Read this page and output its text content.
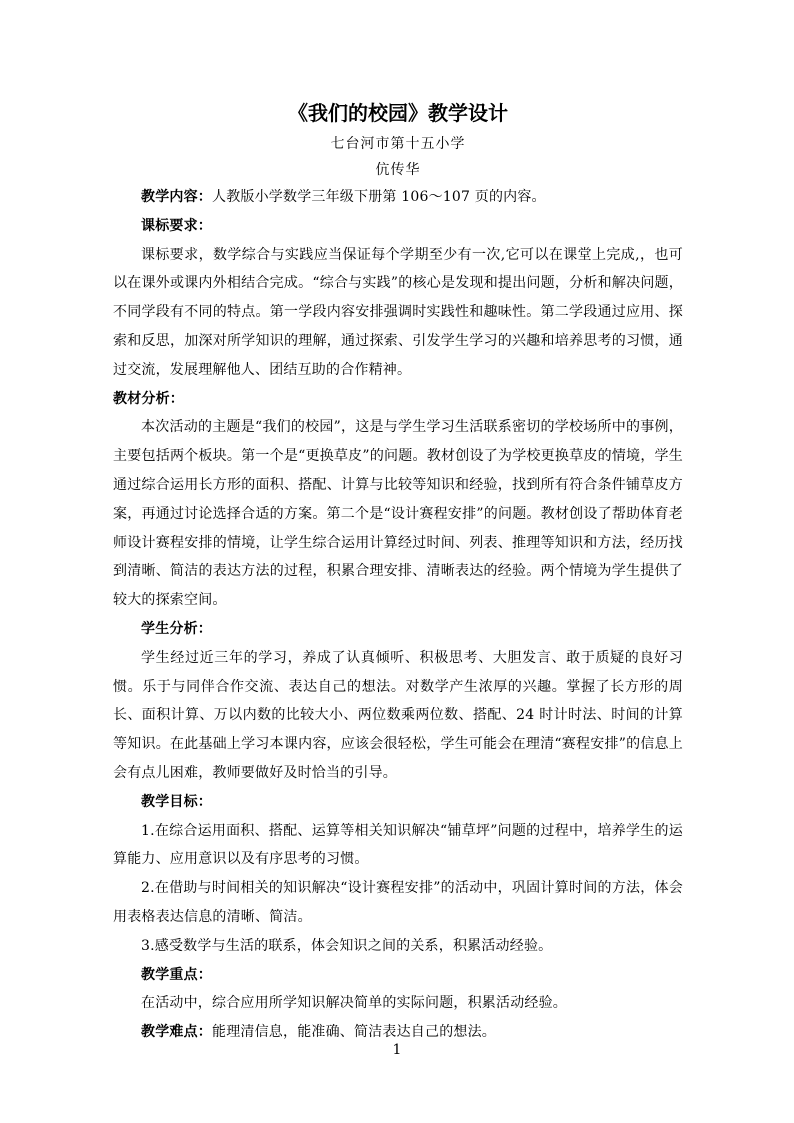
《我们的校园》教学设计

七台河市第十五小学

伉传华

教学内容：人教版小学数学三年级下册第 106～107 页的内容。

课标要求：

课标要求，数学综合与实践应当保证每个学期至少有一次,它可以在课堂上完成,，也可以在课外或课内外相结合完成。“综合与实践”的核心是发现和提出问题，分析和解决问题，不同学段有不同的特点。第一学段内容安排强调时实践性和趣味性。第二学段通过应用、探索和反思，加深对所学知识的理解，通过探索、引发学生学习的兴趣和培养思考的习惯，通过交流，发展理解他人、团结互助的合作精神。

教材分析：

本次活动的主题是“我们的校园”，这是与学生学习生活联系密切的学校场所中的事例，主要包括两个板块。第一个是“更换草皮”的问题。教材创设了为学校更换草皮的情境，学生通过综合运用长方形的面积、搭配、计算与比较等知识和经验，找到所有符合条件铺草皮方案，再通过讨论选择合适的方案。第二个是“设计赛程安排”的问题。教材创设了帮助体育老师设计赛程安排的情境，让学生综合运用计算经过时间、列表、推理等知识和方法，经历找到清晰、简洁的表达方法的过程，积累合理安排、清晰表达的经验。两个情境为学生提供了较大的探索空间。

学生分析：

学生经过近三年的学习，养成了认真倾听、积极思考、大胆发言、敢于质疑的良好习惯。乐于与同伴合作交流、表达自己的想法。对数学产生浓厚的兴趣。掌握了长方形的周长、面积计算、万以内数的比较大小、两位数乘两位数、搭配、24 时计时法、时间的计算等知识。在此基础上学习本课内容，应该会很轻松，学生可能会在理清“赛程安排”的信息上会有点儿困难，教师要做好及时恰当的引导。

教学目标：

1.在综合运用面积、搭配、运算等相关知识解决“铺草坪”问题的过程中，培养学生的运算能力、应用意识以及有序思考的习惯。

2.在借助与时间相关的知识解决“设计赛程安排”的活动中，巩固计算时间的方法，体会用表格表达信息的清晰、简洁。

3.感受数学与生活的联系，体会知识之间的关系，积累活动经验。

教学重点：

在活动中，综合应用所学知识解决简单的实际问题，积累活动经验。

教学难点：能理清信息，能准确、简洁表达自己的想法。

1
